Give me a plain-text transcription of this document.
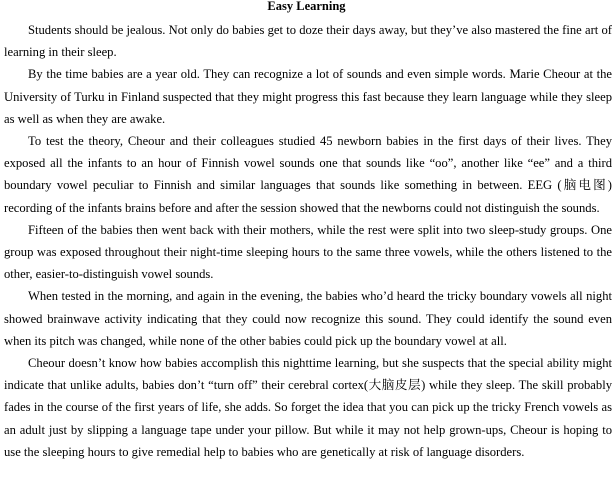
Easy Learning

Students should be jealous. Not only do babies get to doze their days away, but they’ve also mastered the fine art of learning in their sleep.

By the time babies are a year old. They can recognize a lot of sounds and even simple words. Marie Cheour at the University of Turku in Finland suspected that they might progress this fast because they learn language while they sleep as well as when they are awake.

To test the theory, Cheour and their colleagues studied 45 newborn babies in the first days of their lives. They exposed all the infants to an hour of Finnish vowel sounds one that sounds like “oo”, another like “ee” and a third boundary vowel peculiar to Finnish and similar languages that sounds like something in between. EEG (脑电图) recording of the infants brains before and after the session showed that the newborns could not distinguish the sounds.

Fifteen of the babies then went back with their mothers, while the rest were split into two sleep-study groups. One group was exposed throughout their night-time sleeping hours to the same three vowels, while the others listened to the other, easier-to-distinguish vowel sounds.

When tested in the morning, and again in the evening, the babies who’d heard the tricky boundary vowels all night showed brainwave activity indicating that they could now recognize this sound. They could identify the sound even when its pitch was changed, while none of the other babies could pick up the boundary vowel at all.

Cheour doesn’t know how babies accomplish this nighttime learning, but she suspects that the special ability might indicate that unlike adults, babies don’t “turn off” their cerebral cortex(大脑皮层) while they sleep. The skill probably fades in the course of the first years of life, she adds. So forget the idea that you can pick up the tricky French vowels as an adult just by slipping a language tape under your pillow. But while it may not help grown-ups, Cheour is hoping to use the sleeping hours to give remedial help to babies who are genetically at risk of language disorders.
